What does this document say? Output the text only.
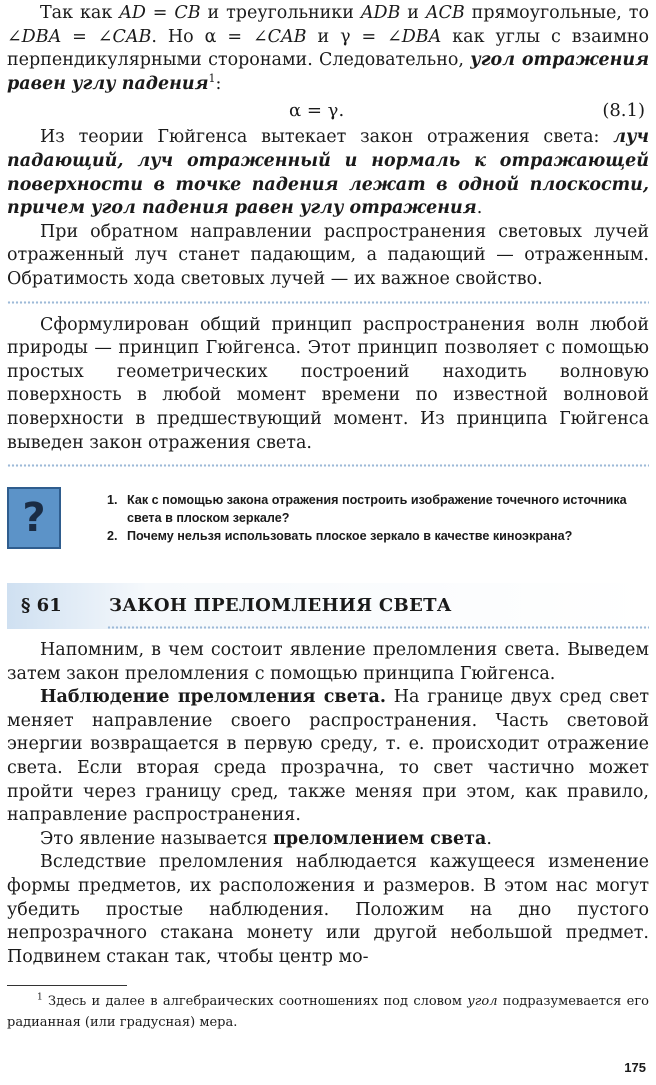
Так как AD = CB и треугольники ADB и ACB прямоугольные, то ∠DBA = ∠CAB. Но α = ∠CAB и γ = ∠DBA как углы с взаимно перпендикулярными сторонами. Следовательно, угол отражения равен углу падения$^1$:

α = γ.	(8.1)

Из теории Гюйгенса вытекает закон отражения света: луч падающий, луч отраженный и нормаль к отражающей поверхности в точке падения лежат в одной плоскости, причем угол падения равен углу отражения.

При обратном направлении распространения световых лучей отраженный луч станет падающим, а падающий — отраженным. Обратимость хода световых лучей — их важное свойство.

Сформулирован общий принцип распространения волн любой природы — принцип Гюйгенса. Этот принцип позволяет с помощью простых геометрических построений находить волновую поверхность в любой момент времени по известной волновой поверхности в предшествующий момент. Из принципа Гюйгенса выведен закон отражения света.

?	1. Как с помощью закона отражения построить изображение точечного источника света в плоском зеркале?
2. Почему нельзя использовать плоское зеркало в качестве киноэкрана?
§ 61	ЗАКОН ПРЕЛОМЛЕНИЯ СВЕТА

Напомним, в чем состоит явление преломления света. Выведем затем закон преломления с помощью принципа Гюйгенса.

Наблюдение преломления света. На границе двух сред свет меняет направление своего распространения. Часть световой энергии возвращается в первую среду, т. е. происходит отражение света. Если вторая среда прозрачна, то свет частично может пройти через границу сред, также меняя при этом, как правило, направление распространения.

Это явление называется преломлением света.

Вследствие преломления наблюдается кажущееся изменение формы предметов, их расположения и размеров. В этом нас могут убедить простые наблюдения. Положим на дно пустого непрозрачного стакана монету или другой небольшой предмет. Подвинем стакан так, чтобы центр мо-

$^1$ Здесь и далее в алгебраических соотношениях под словом угол подразумевается его радианная (или градусная) мера.

175
